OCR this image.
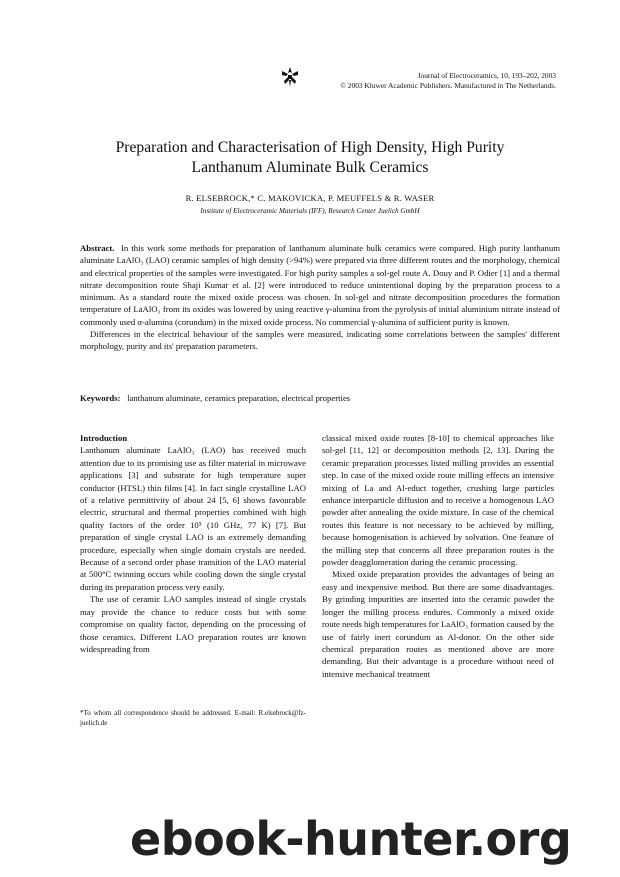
Journal of Electroceramics, 10, 193–202, 2003
© 2003 Kluwer Academic Publishers. Manufactured in The Netherlands.
Preparation and Characterisation of High Density, High Purity
Lanthanum Aluminate Bulk Ceramics
R. ELSEBROCK,* C. MAKOVICKA, P. MEUFFELS & R. WASER
Institute of Electroceramic Materials (IFF), Research Center Juelich GmbH

Abstract. In this work some methods for preparation of lanthanum aluminate bulk ceramics were compared. High purity lanthanum aluminate LaAlO₃ (LAO) ceramic samples of high density (>94%) were prepared via three different routes and the morphology, chemical and electrical properties of the samples were investigated. For high purity samples a sol-gel route A. Douy and P. Odier [1] and a thermal nitrate decomposition route Shaji Kumar et al. [2] were introduced to reduce unintentional doping by the preparation process to a minimum. As a standard route the mixed oxide process was chosen. In sol-gel and nitrate decomposition procedures the formation temperature of LaAlO₃ from its oxides was lowered by using reactive γ-alumina from the pyrolysis of initial aluminium nitrate instead of commonly used α-alumina (corundum) in the mixed oxide process. No commercial γ-alumina of sufficient purity is known.

Differences in the electrical behaviour of the samples were measured, indicating some correlations between the samples' different morphology, purity and its' preparation parameters.

Keywords: lanthanum aluminate, ceramics preparation, electrical properties

Introduction

Lanthanum aluminate LaAlO₃ (LAO) has received much attention due to its promising use as filter material in microwave applications [3] and substrate for high temperature super conductor (HTSL) thin films [4]. In fact single crystalline LAO of a relative permittivity of about 24 [5, 6] shows favourable electric, structural and thermal properties combined with high quality factors of the order 10⁵ (10 GHz, 77 K) [7]. But preparation of single crystal LAO is an extremely demanding procedure, especially when single domain crystals are needed. Because of a second order phase transition of the LAO material at 500°C twinning occurs while cooling down the single crystal during its preparation process very easily.

The use of ceramic LAO samples instead of single crystals may provide the chance to reduce costs but with some compromise on quality factor, depending on the processing of those ceramics. Different LAO preparation routes are known widespreading from

classical mixed oxide routes [8-10] to chemical approaches like sol-gel [11, 12] or decomposition methods [2, 13]. During the ceramic preparation processes listed milling provides an essential step. In case of the mixed oxide route milling effects an intensive mixing of La and Al-educt together, crushing large particles enhance interparticle diffusion and to receive a homogenous LAO powder after annealing the oxide mixture. In case of the chemical routes this feature is not necessary to be achieved by milling, because homogenisation is achieved by solvation. One feature of the milling step that concerns all three preparation routes is the powder deagglomeration during the ceramic processing.

Mixed oxide preparation provides the advantages of being an easy and inexpensive method. But there are some disadvantages. By grinding impurities are inserted into the ceramic powder the longer the milling process endures. Commonly a mixed oxide route needs high temperatures for LaAlO₃ formation caused by the use of fairly inert corundum as Al-donor. On the other side chemical preparation routes as mentioned above are more demanding. But their advantage is a procedure without need of intensive mechanical treatment

*To whom all correspondence should be addressed. E-mail: R.elsebrock@fz-juelich.de
ebook-hunter.org
